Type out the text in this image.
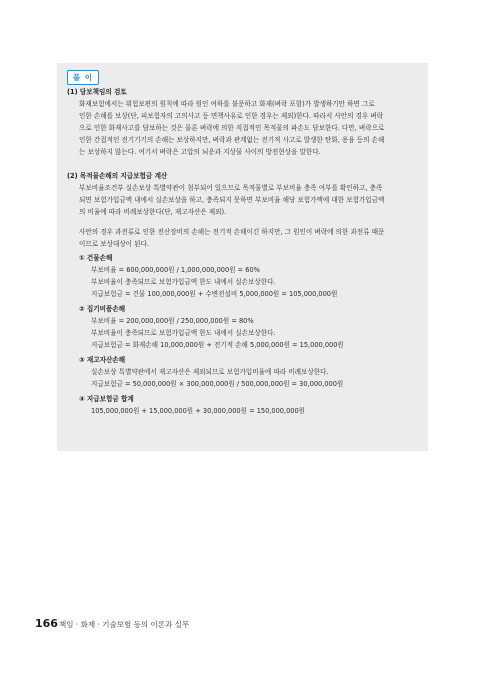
풀 이
(1) 담보책임의 검토
화재보험에서는 위험보편의 원칙에 따라 원인 여하를 불문하고 화재(벼락 포함)가 발생하기만 하면 그로
인한 손해를 보상(단, 피보험자의 고의사고 등 면책사유로 인한 경우는 제외)한다. 따라서 사안의 경우 벼락
으로 인한 화재사고를 담보하는 것은 물론 벼락에 의한 직접적인 목적물의 파손도 담보한다. 다만, 벼락으로
인한 간접적인 전기기기의 손해는 보상하지만, 벼락과 관계없는 전기적 사고로 발생한 탄화, 용융 등의 손해
는 보상하지 않는다. 여기서 벼락은 고압의 뇌운과 지상물 사이의 방전현상을 말한다.
(2) 목적물손해의 지급보험금 계산
부보비율조건부 실손보상 특별약관이 첨부되어 있으므로 목적물별로 부보비율 충족 여부를 확인하고, 충족
되면 보험가입금액 내에서 실손보상을 하고, 충족되지 못하면 부보비율 해당 보험가액에 대한 보험가입금액
의 비율에 따라 비례보상한다(단, 재고자산은 제외).
사안의 경우 과전류로 인한 전산장비의 손해는 전기적 손해이긴 하지만, 그 원인이 벼락에 의한 과전류 때문
이므로 보상대상이 된다.
① 건물손해
부보비율 = 600,000,000원 / 1,000,000,000원 = 60%
부보비율이 충족되므로 보험가입금액 한도 내에서 실손보상한다.
지급보험금 = 건물 100,000,000원 + 수변전설비 5,000,000원 = 105,000,000원
② 집기비품손해
부보비율 = 200,000,000원 / 250,000,000원 = 80%
부보비율이 충족되므로 보험가입금액 한도 내에서 실손보상한다.
지급보험금 = 화재손해 10,000,000원 + 전기적 손해 5,000,000원 = 15,000,000원
③ 재고자산손해
실손보상 특별약관에서 재고자산은 제외되므로 보험가입비율에 따라 비례보상한다.
지급보험금 = 50,000,000원 × 300,000,000원 / 500,000,000원 = 30,000,000원
④ 지급보험금 합계
105,000,000원 + 15,000,000원 + 30,000,000원 = 150,000,000원
166 책임 · 화재 · 기술보험 등의 이론과 실무
